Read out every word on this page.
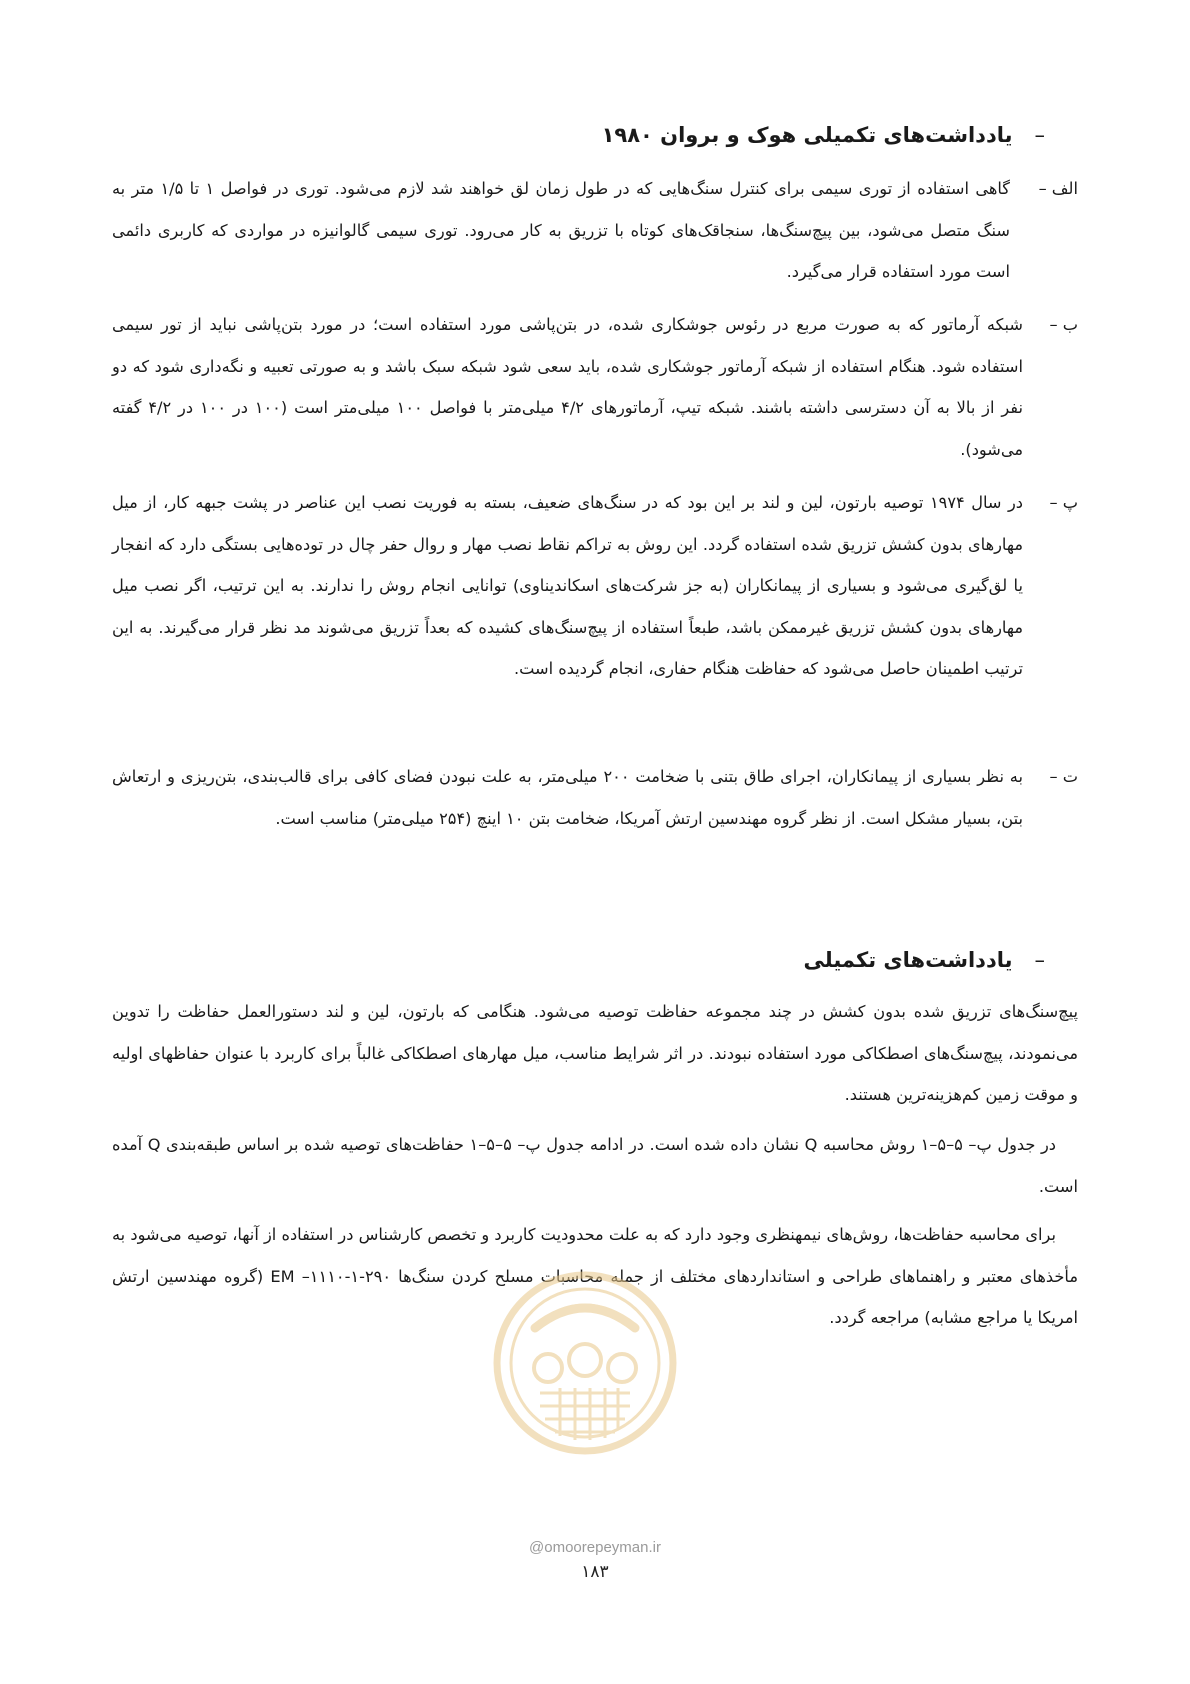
–یادداشت‌های تکمیلی هوک و بروان ۱۹۸۰
الف –
گاهی استفاده از توری سیمی برای کنترل سنگ‌هایی که در طول زمان لق خواهند شد لازم می‌شود. توری در فواصل ۱ تا ۱/۵ متر به سنگ متصل می‌شود، بین پیچ‌سنگ‌ها، سنجاقک‌های کوتاه با تزریق به کار می‌رود. توری سیمی گالوانیزه در مواردی که کاربری دائمی است مورد استفاده قرار می‌گیرد.
ب –
شبکه آرماتور که به صورت مربع در رئوس جوشکاری شده، در بتن‌پاشی مورد استفاده است؛ در مورد بتن‌پاشی نباید از تور سیمی استفاده شود. هنگام استفاده از شبکه آرماتور جوشکاری شده، باید سعی شود شبکه سبک باشد و به صورتی تعبیه و نگه‌داری شود که دو نفر از بالا به آن دسترسی داشته باشند. شبکه تیپ، آرماتورهای ۴/۲ میلی‌متر با فواصل ۱۰۰ میلی‌متر است (۱۰۰ در ۱۰۰ در ۴/۲ گفته می‌شود).
پ –
در سال ۱۹۷۴ توصیه بارتون، لین و لند بر این بود که در سنگ‌های ضعیف، بسته به فوریت نصب این عناصر در پشت جبهه کار، از میل مهارهای بدون کشش تزریق شده استفاده گردد. این روش به تراکم نقاط نصب مهار و روال حفر چال در توده‌هایی بستگی دارد که انفجار یا لق‌گیری می‌شود و بسیاری از پیمانکاران (به جز شرکت‌های اسکاندیناوی) توانایی انجام روش را ندارند. به این ترتیب، اگر نصب میل مهارهای بدون کشش تزریق غیرممکن باشد، طبعاً استفاده از پیچ‌سنگ‌های کشیده که بعداً تزریق می‌شوند مد نظر قرار می‌گیرند. به این ترتیب اطمینان حاصل می‌شود که حفاظت هنگام حفاری، انجام گردیده است.
ت –
به نظر بسیاری از پیمانکاران، اجرای طاق بتنی با ضخامت ۲۰۰ میلی‌متر، به علت نبودن فضای کافی برای قالب‌بندی، بتن‌ریزی و ارتعاش بتن، بسیار مشکل است. از نظر گروه مهندسین ارتش آمریکا، ضخامت بتن ۱۰ اینچ (۲۵۴ میلی‌متر) مناسب است.
–یادداشت‌های تکمیلی
پیچ‌سنگ‌های تزریق شده بدون کشش در چند مجموعه حفاظت توصیه می‌شود. هنگامی که بارتون، لین و لند دستورالعمل حفاظت را تدوین می‌نمودند، پیچ‌سنگ‌های اصطکاکی مورد استفاده نبودند. در اثر شرایط مناسب، میل مهارهای اصطکاکی غالباً برای کاربرد با عنوان حفاظهای اولیه و موقت زمین کم‌هزینه‌ترین هستند.
در جدول پ– ۵–۵–۱ روش محاسبه Q نشان داده شده است. در ادامه جدول پ– ۵–۵–۱ حفاظت‌های توصیه شده بر اساس طبقه‌بندی Q آمده است.
برای محاسبه حفاظت‌ها، روش‌های نیمهنظری وجود دارد که به علت محدودیت کاربرد و تخصص کارشناس در استفاده از آنها، توصیه می‌شود به مأخذهای معتبر و راهنماهای طراحی و استانداردهای مختلف از جمله محاسبات مسلح کردن سنگ‌ها EM –۱۱۱۰-۱-۲۹۰ (گروه مهندسین ارتش امریکا یا مراجع مشابه) مراجعه گردد.
@omoorepeyman.ir
۱۸۳
